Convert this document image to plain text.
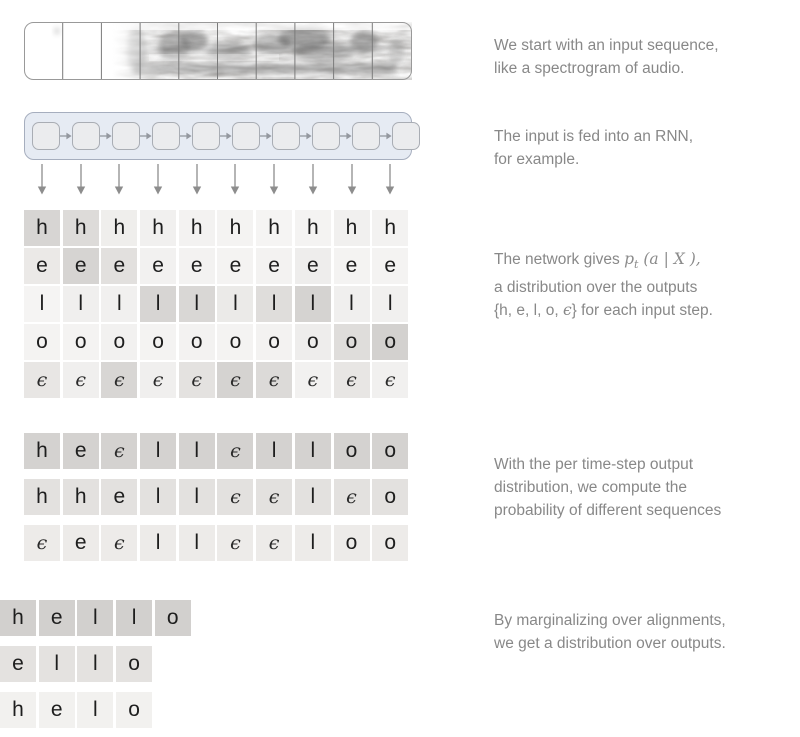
h	h	h	h	h	h	h	h	h	h
e	e	e	e	e	e	e	e	e	e
l	l	l	l	l	l	l	l	l	l
o	o	o	o	o	o	o	o	o	o
ϵ	ϵ	ϵ	ϵ	ϵ	ϵ	ϵ	ϵ	ϵ	ϵ
h	e	ϵ	l	l	ϵ	l	l	o	o
h	h	e	l	l	ϵ	ϵ	l	ϵ	o
ϵ	e	ϵ	l	l	ϵ	ϵ	l	o	o
h	e	l	l	o
e	l	l	o
h	e	l	o
We start with an input sequence,
like a spectrogram of audio.
The input is fed into an RNN,
for example.
The network gives $p_t$ (a | X ),
a distribution over the outputs
{h, e, l, o, ϵ} for each input step.
With the per time-step output
distribution, we compute the
probability of different sequences
By marginalizing over alignments,
we get a distribution over outputs.
